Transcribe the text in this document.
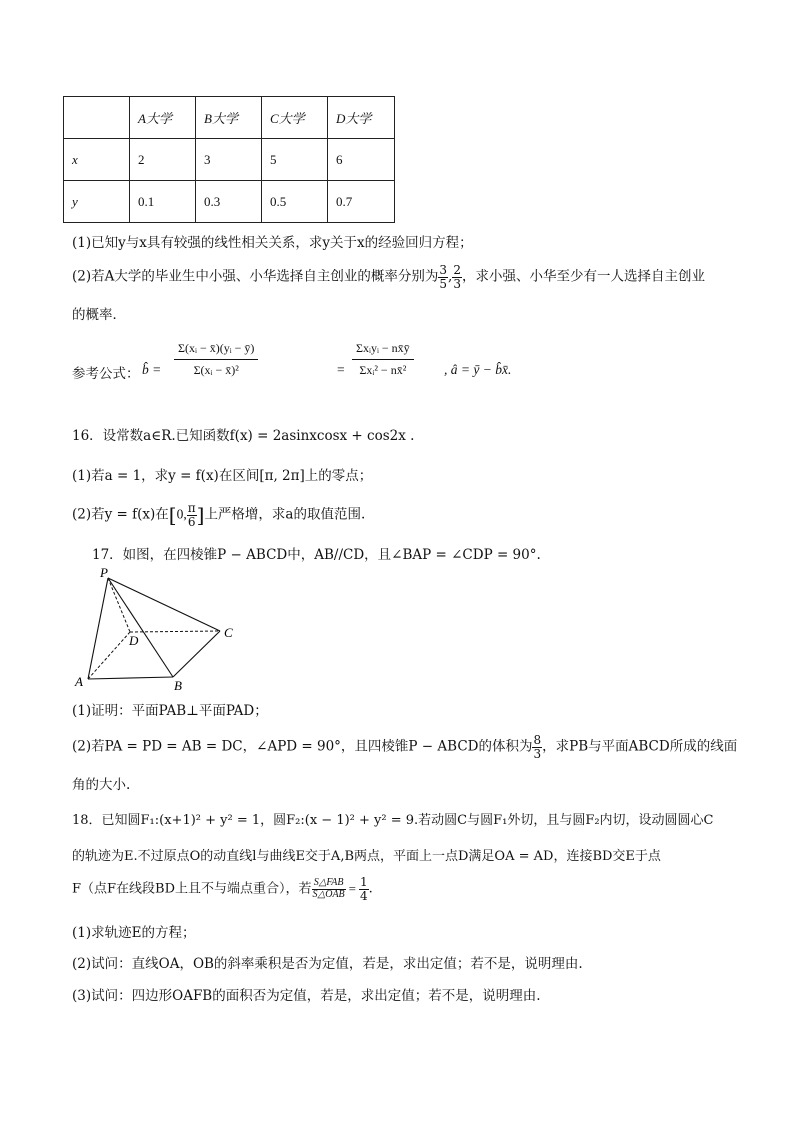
	A大学	B大学	C大学	D大学
x	2	3	5	6
y	0.1	0.3	0.5	0.7
(1)已知y与x具有较强的线性相关关系，求y关于x的经验回归方程；
(2)若A大学的毕业生中小强、小华选择自主创业的概率分别为 $\frac{3}{5}$ , $\frac{2}{3}$ ，求小强、小华至少有一人选择自主创业
的概率．
参考公式： b̂ = $\frac{\text{Σ(xᵢ − x̄)(yᵢ − ȳ)}}{\text{Σ(xᵢ − x̄)²}}$	=
Σxᵢyᵢ − nx̄ȳ
Σxᵢ² − nx̄²	, â = ȳ − b̂x̄.
16．设常数a∈R.已知函数f(x) = 2asinxcosx + cos2x .
(1)若a = 1，求y = f(x)在区间[π, 2π]上的零点；
(2)若y = f(x)在[0, $\frac{\pi}{6}$ ]上严格增，求a的取值范围.
17．如图，在四棱锥P − ABCD中，AB//CD，且∠BAP = ∠CDP = 90°.
P
A	B
C
D
(1)证明：平面PAB⊥平面PAD；
(2)若PA = PD = AB = DC，∠APD = 90°，且四棱锥P − ABCD的体积为 $\frac{8}{3}$ ，求PB与平面ABCD所成的线面
角的大小.
18．已知圆F₁:(x+1)² + y² = 1，圆F₂:(x − 1)² + y² = 9.若动圆C与圆F₁外切，且与圆F₂内切，设动圆圆心C
的轨迹为E.不过原点O的动直线l与曲线E交于A,B两点，平面上一点D满足OA = AD，连接BD交E于点
F（点F在线段BD上且不与端点重合），若 $\frac{\text{S△FAB}}{\text{S△OAB}} = \frac{1}{4}$ .
(1)求轨迹E的方程；
(2)试问：直线OA，OB的斜率乘积是否为定值，若是，求出定值；若不是，说明理由.
(3)试问：四边形OAFB的面积否为定值，若是，求出定值；若不是，说明理由.
